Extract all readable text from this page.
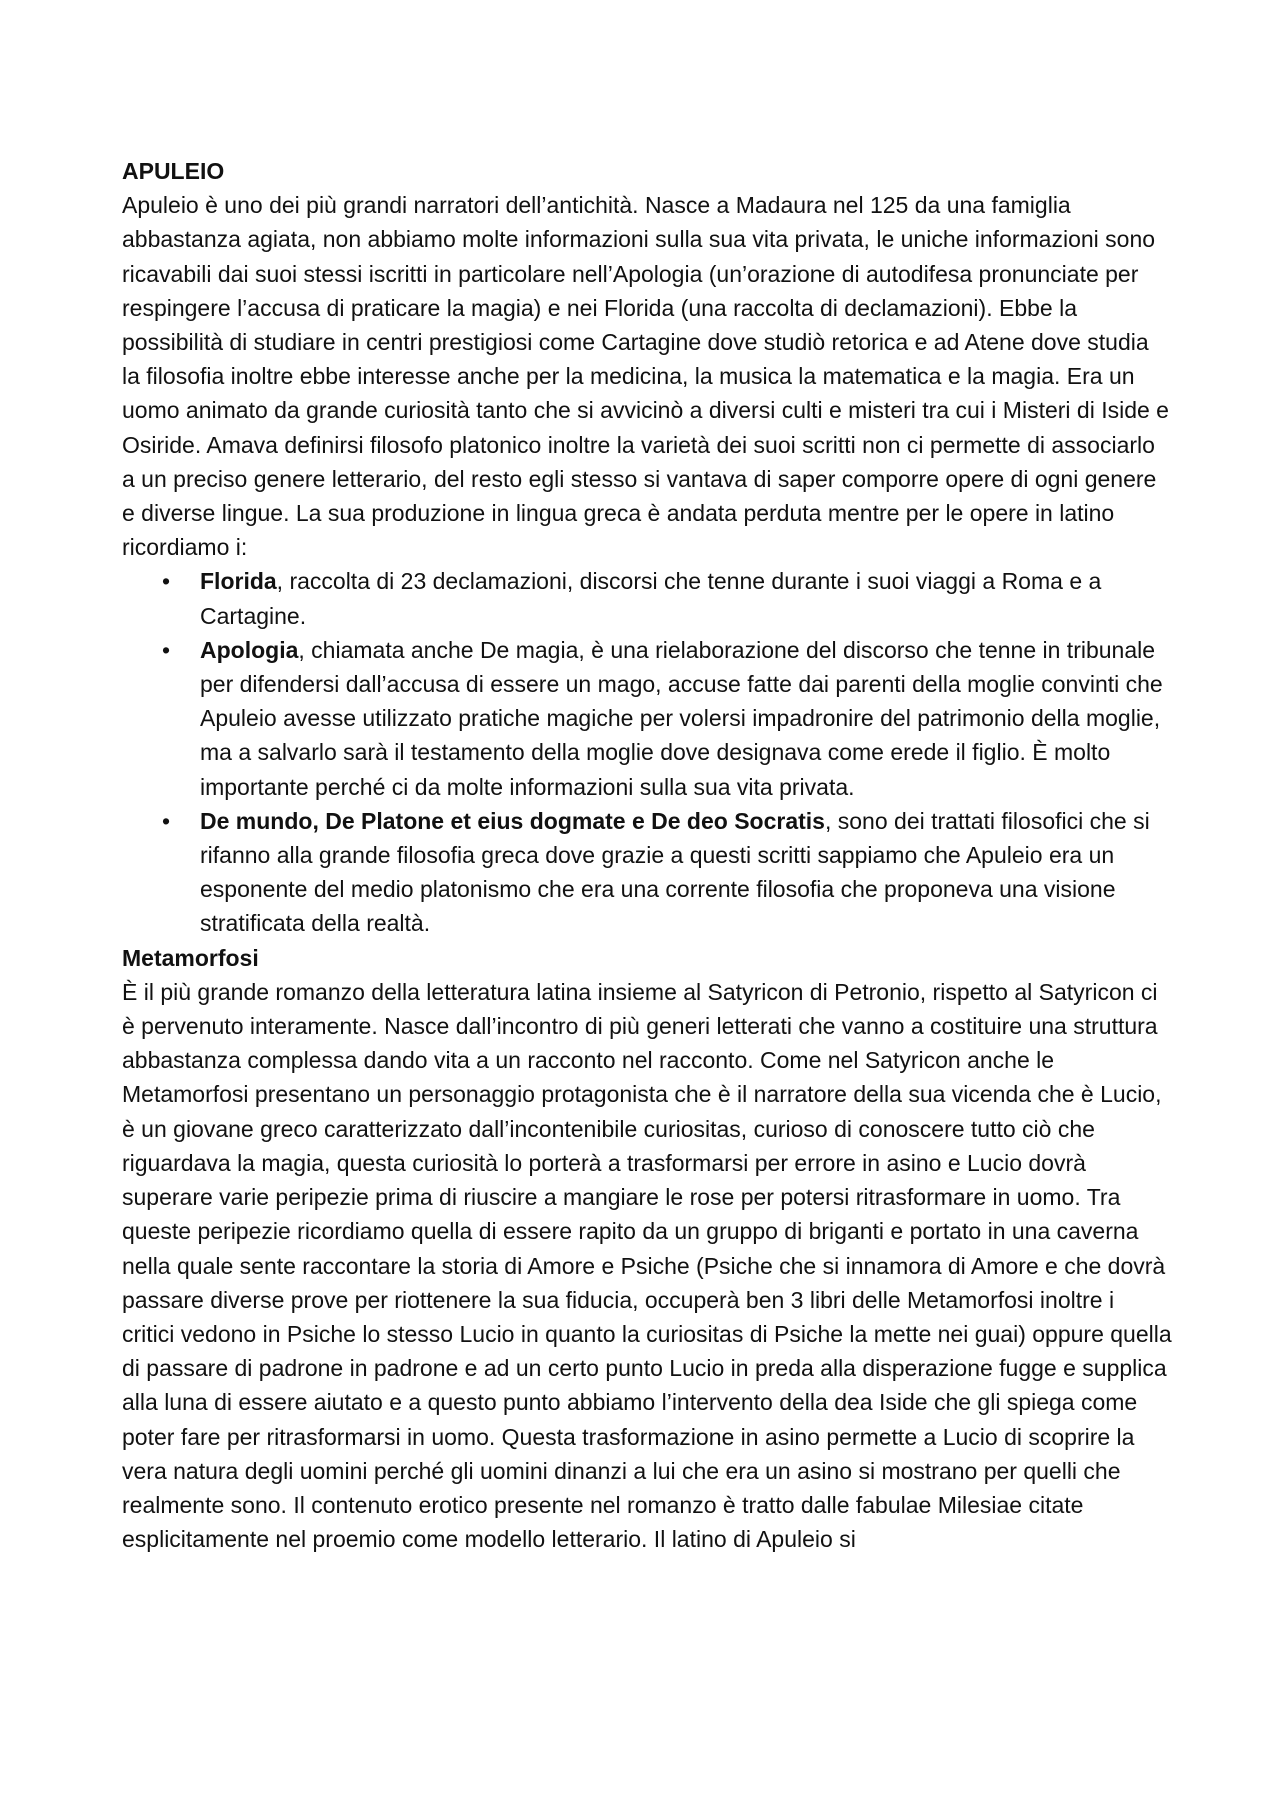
APULEIO

Apuleio è uno dei più grandi narratori dell’antichità. Nasce a Madaura nel 125 da una famiglia abbastanza agiata, non abbiamo molte informazioni sulla sua vita privata, le uniche informazioni sono ricavabili dai suoi stessi iscritti in particolare nell’Apologia (un’orazione di autodifesa pronunciate per respingere l’accusa di praticare la magia) e nei Florida (una raccolta di declamazioni). Ebbe la possibilità di studiare in centri prestigiosi come Cartagine dove studiò retorica e ad Atene dove studia la filosofia inoltre ebbe interesse anche per la medicina, la musica la matematica e la magia. Era un uomo animato da grande curiosità tanto che si avvicinò a diversi culti e misteri tra cui i Misteri di Iside e Osiride. Amava definirsi filosofo platonico inoltre la varietà dei suoi scritti non ci permette di associarlo a un preciso genere letterario, del resto egli stesso si vantava di saper comporre opere di ogni genere e diverse lingue. La sua produzione in lingua greca è andata perduta mentre per le opere in latino ricordiamo i:

• Florida, raccolta di 23 declamazioni, discorsi che tenne durante i suoi viaggi a Roma e a Cartagine.
• Apologia, chiamata anche De magia, è una rielaborazione del discorso che tenne in tribunale per difendersi dall’accusa di essere un mago, accuse fatte dai parenti della moglie convinti che Apuleio avesse utilizzato pratiche magiche per volersi impadronire del patrimonio della moglie, ma a salvarlo sarà il testamento della moglie dove designava come erede il figlio. È molto importante perché ci da molte informazioni sulla sua vita privata.
• De mundo, De Platone et eius dogmate e De deo Socratis, sono dei trattati filosofici che si rifanno alla grande filosofia greca dove grazie a questi scritti sappiamo che Apuleio era un esponente del medio platonismo che era una corrente filosofia che proponeva una visione stratificata della realtà.

Metamorfosi

È il più grande romanzo della letteratura latina insieme al Satyricon di Petronio, rispetto al Satyricon ci è pervenuto interamente. Nasce dall’incontro di più generi letterati che vanno a costituire una struttura abbastanza complessa dando vita a un racconto nel racconto. Come nel Satyricon anche le Metamorfosi presentano un personaggio protagonista che è il narratore della sua vicenda che è Lucio, è un giovane greco caratterizzato dall’incontenibile curiositas, curioso di conoscere tutto ciò che riguardava la magia, questa curiosità lo porterà a trasformarsi per errore in asino e Lucio dovrà superare varie peripezie prima di riuscire a mangiare le rose per potersi ritrasformare in uomo. Tra queste peripezie ricordiamo quella di essere rapito da un gruppo di briganti e portato in una caverna nella quale sente raccontare la storia di Amore e Psiche (Psiche che si innamora di Amore e che dovrà passare diverse prove per riottenere la sua fiducia, occuperà ben 3 libri delle Metamorfosi inoltre i critici vedono in Psiche lo stesso Lucio in quanto la curiositas di Psiche la mette nei guai) oppure quella di passare di padrone in padrone e ad un certo punto Lucio in preda alla disperazione fugge e supplica alla luna di essere aiutato e a questo punto abbiamo l’intervento della dea Iside che gli spiega come poter fare per ritrasformarsi in uomo. Questa trasformazione in asino permette a Lucio di scoprire la vera natura degli uomini perché gli uomini dinanzi a lui che era un asino si mostrano per quelli che realmente sono. Il contenuto erotico presente nel romanzo è tratto dalle fabulae Milesiae citate esplicitamente nel proemio come modello letterario. Il latino di Apuleio si
